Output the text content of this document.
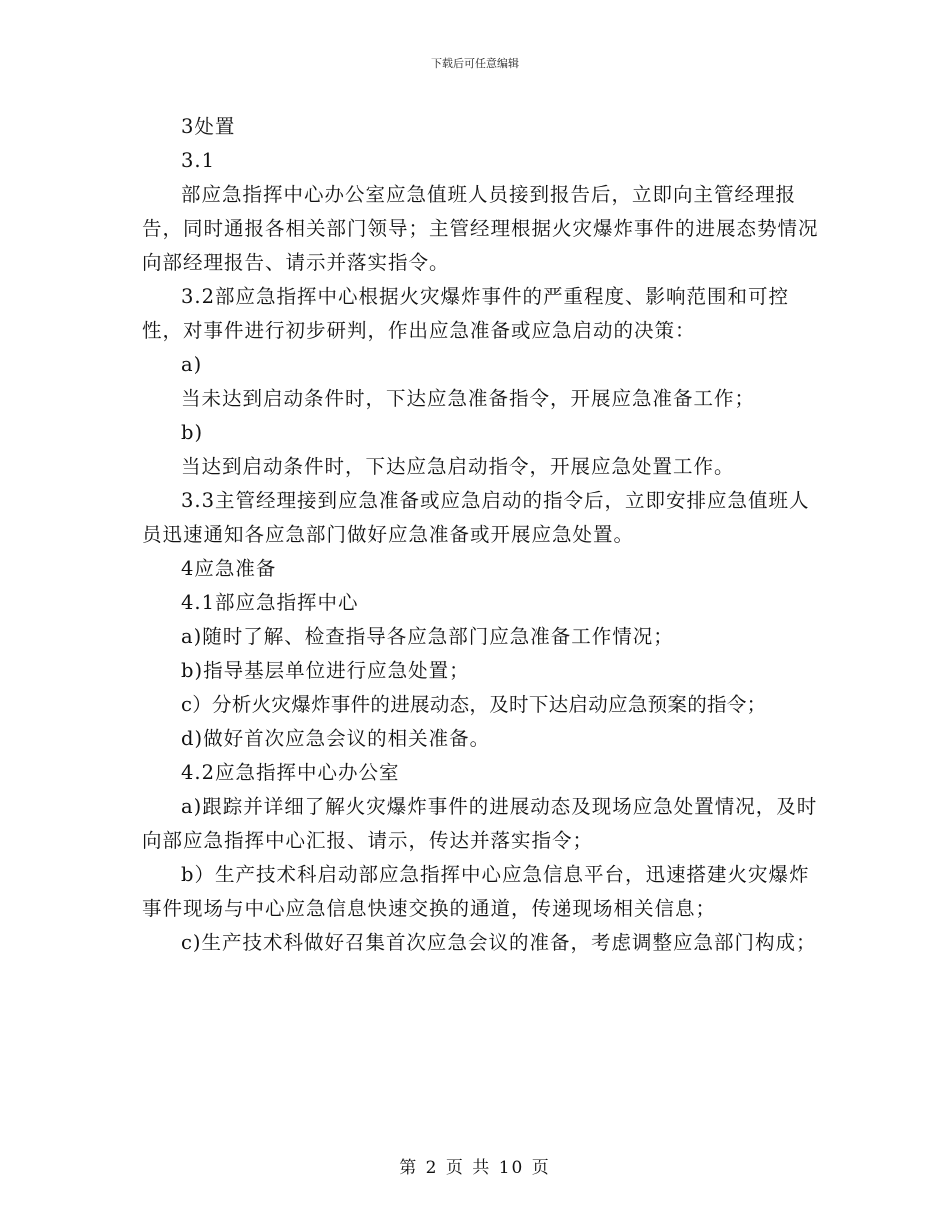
下载后可任意编辑

3处置

3.1

部应急指挥中心办公室应急值班人员接到报告后，立即向主管经理报告，同时通报各相关部门领导；主管经理根据火灾爆炸事件的进展态势情况向部经理报告、请示并落实指令。

3.2部应急指挥中心根据火灾爆炸事件的严重程度、影响范围和可控性，对事件进行初步研判，作出应急准备或应急启动的决策：

a)

当未达到启动条件时，下达应急准备指令，开展应急准备工作；

b)

当达到启动条件时，下达应急启动指令，开展应急处置工作。

3.3主管经理接到应急准备或应急启动的指令后，立即安排应急值班人员迅速通知各应急部门做好应急准备或开展应急处置。

4应急准备

4.1部应急指挥中心

a)随时了解、检查指导各应急部门应急准备工作情况；

b)指导基层单位进行应急处置；

c）分析火灾爆炸事件的进展动态，及时下达启动应急预案的指令；

d)做好首次应急会议的相关准备。

4.2应急指挥中心办公室

a)跟踪并详细了解火灾爆炸事件的进展动态及现场应急处置情况，及时向部应急指挥中心汇报、请示，传达并落实指令；

b）生产技术科启动部应急指挥中心应急信息平台，迅速搭建火灾爆炸事件现场与中心应急信息快速交换的通道，传递现场相关信息；

c)生产技术科做好召集首次应急会议的准备，考虑调整应急部门构成；

第 2 页 共 10 页
